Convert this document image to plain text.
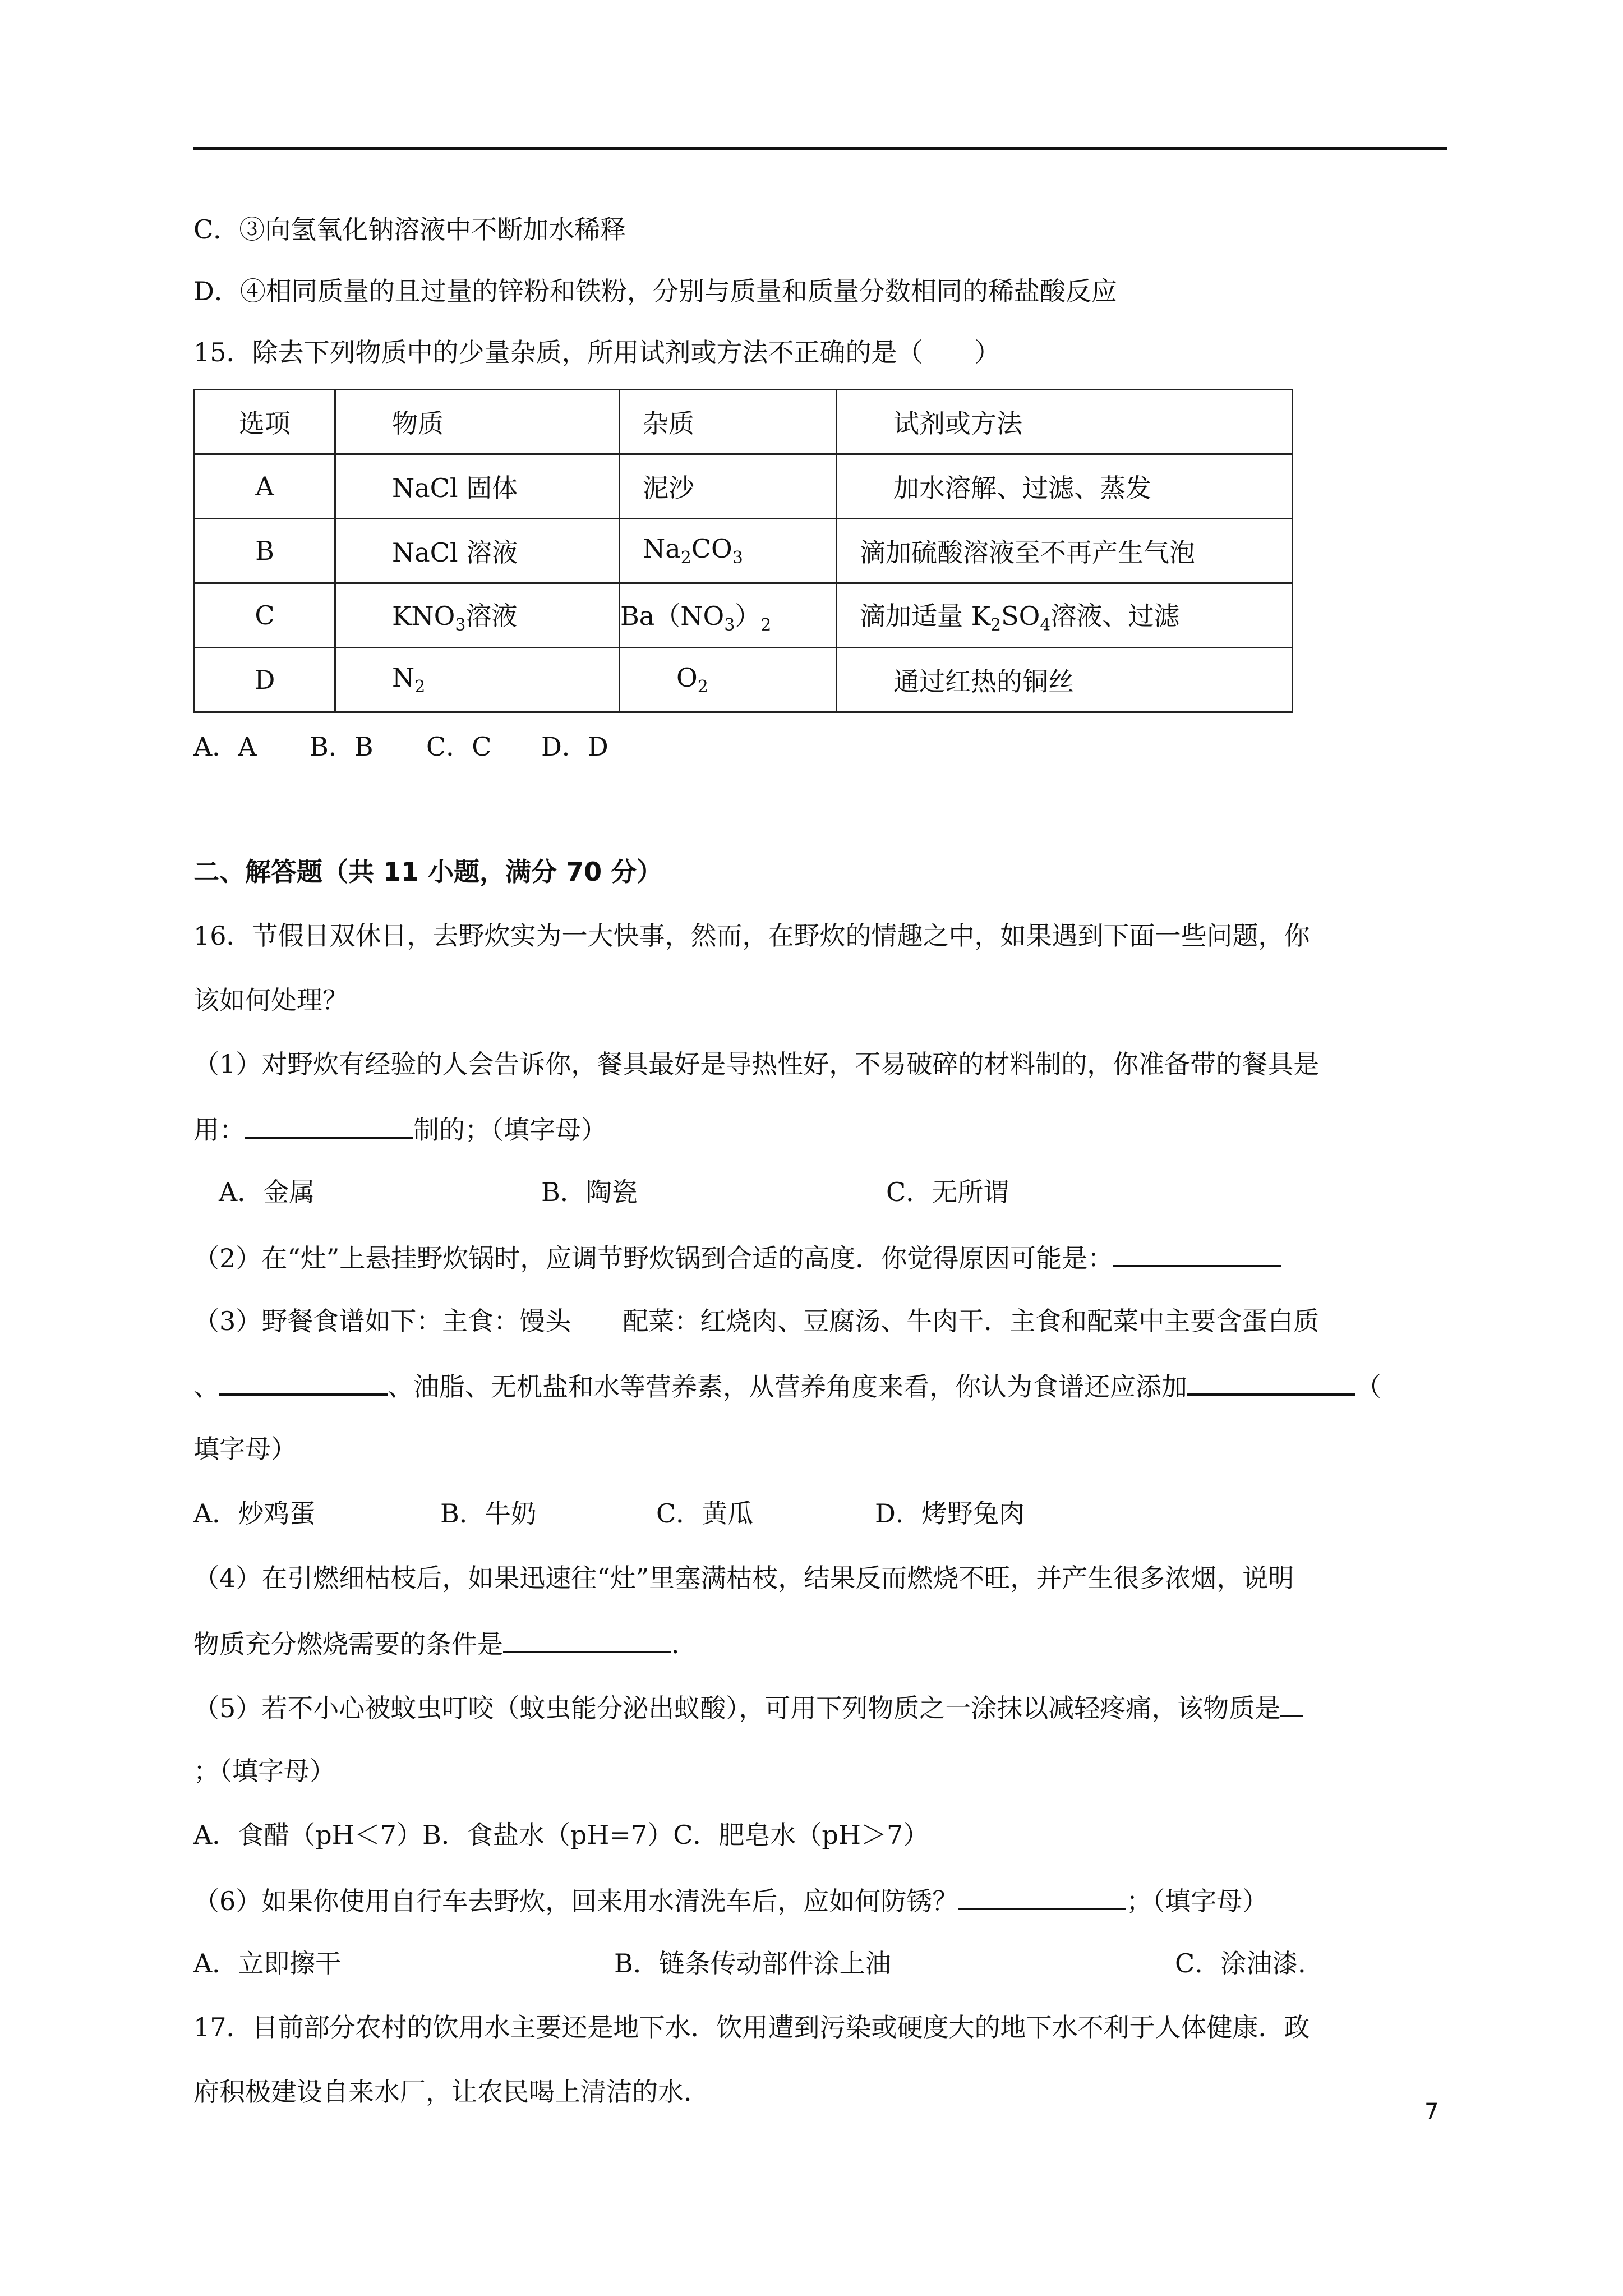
C．③向氢氧化钠溶液中不断加水稀释
D．④相同质量的且过量的锌粉和铁粉，分别与质量和质量分数相同的稀盐酸反应
15．除去下列物质中的少量杂质，所用试剂或方法不正确的是（　　）
选项	物质	杂质	试剂或方法
A	NaCl 固体	泥沙	加水溶解、过滤、蒸发
B	NaCl 溶液	$Na_2CO_3$	滴加硫酸溶液至不再产生气泡
C	$KNO_3$溶液	$Ba(NO_3)_2$	滴加适量 $K_2SO_4$溶液、过滤
D	$N_2$	$O_2$	通过红热的铜丝
A．A B．B C．C D．D
二、解答题（共 11 小题，满分 70 分）
16．节假日双休日，去野炊实为一大快事，然而，在野炊的情趣之中，如果遇到下面一些问题，你
该如何处理？
（1）对野炊有经验的人会告诉你，餐具最好是导热性好，不易破碎的材料制的，你准备带的餐具是
用：	制的；（填字母）
A．金属	B．陶瓷	C．无所谓
（2）在“灶”上悬挂野炊锅时，应调节野炊锅到合适的高度．你觉得原因可能是：
（3）野餐食谱如下：主食：馒头　　配菜：红烧肉、豆腐汤、牛肉干．主食和配菜中主要含蛋白质
、	、油脂、无机盐和水等营养素，从营养角度来看，你认为食谱还应添加	（
填字母）
A．炒鸡蛋	B．牛奶	C．黄瓜	D．烤野兔肉
（4）在引燃细枯枝后，如果迅速往“灶”里塞满枯枝，结果反而燃烧不旺，并产生很多浓烟，说明
物质充分燃烧需要的条件是	．
（5）若不小心被蚊虫叮咬（蚊虫能分泌出蚁酸），可用下列物质之一涂抹以减轻疼痛，该物质是
；（填字母）
A．食醋（pH＜7）B．食盐水（pH=7）C．肥皂水（pH＞7）
（6）如果你使用自行车去野炊，回来用水清洗车后，应如何防锈？	；（填字母）
A．立即擦干	B．链条传动部件涂上油	C．涂油漆．
17．目前部分农村的饮用水主要还是地下水．饮用遭到污染或硬度大的地下水不利于人体健康．政
府积极建设自来水厂，让农民喝上清洁的水．
7
